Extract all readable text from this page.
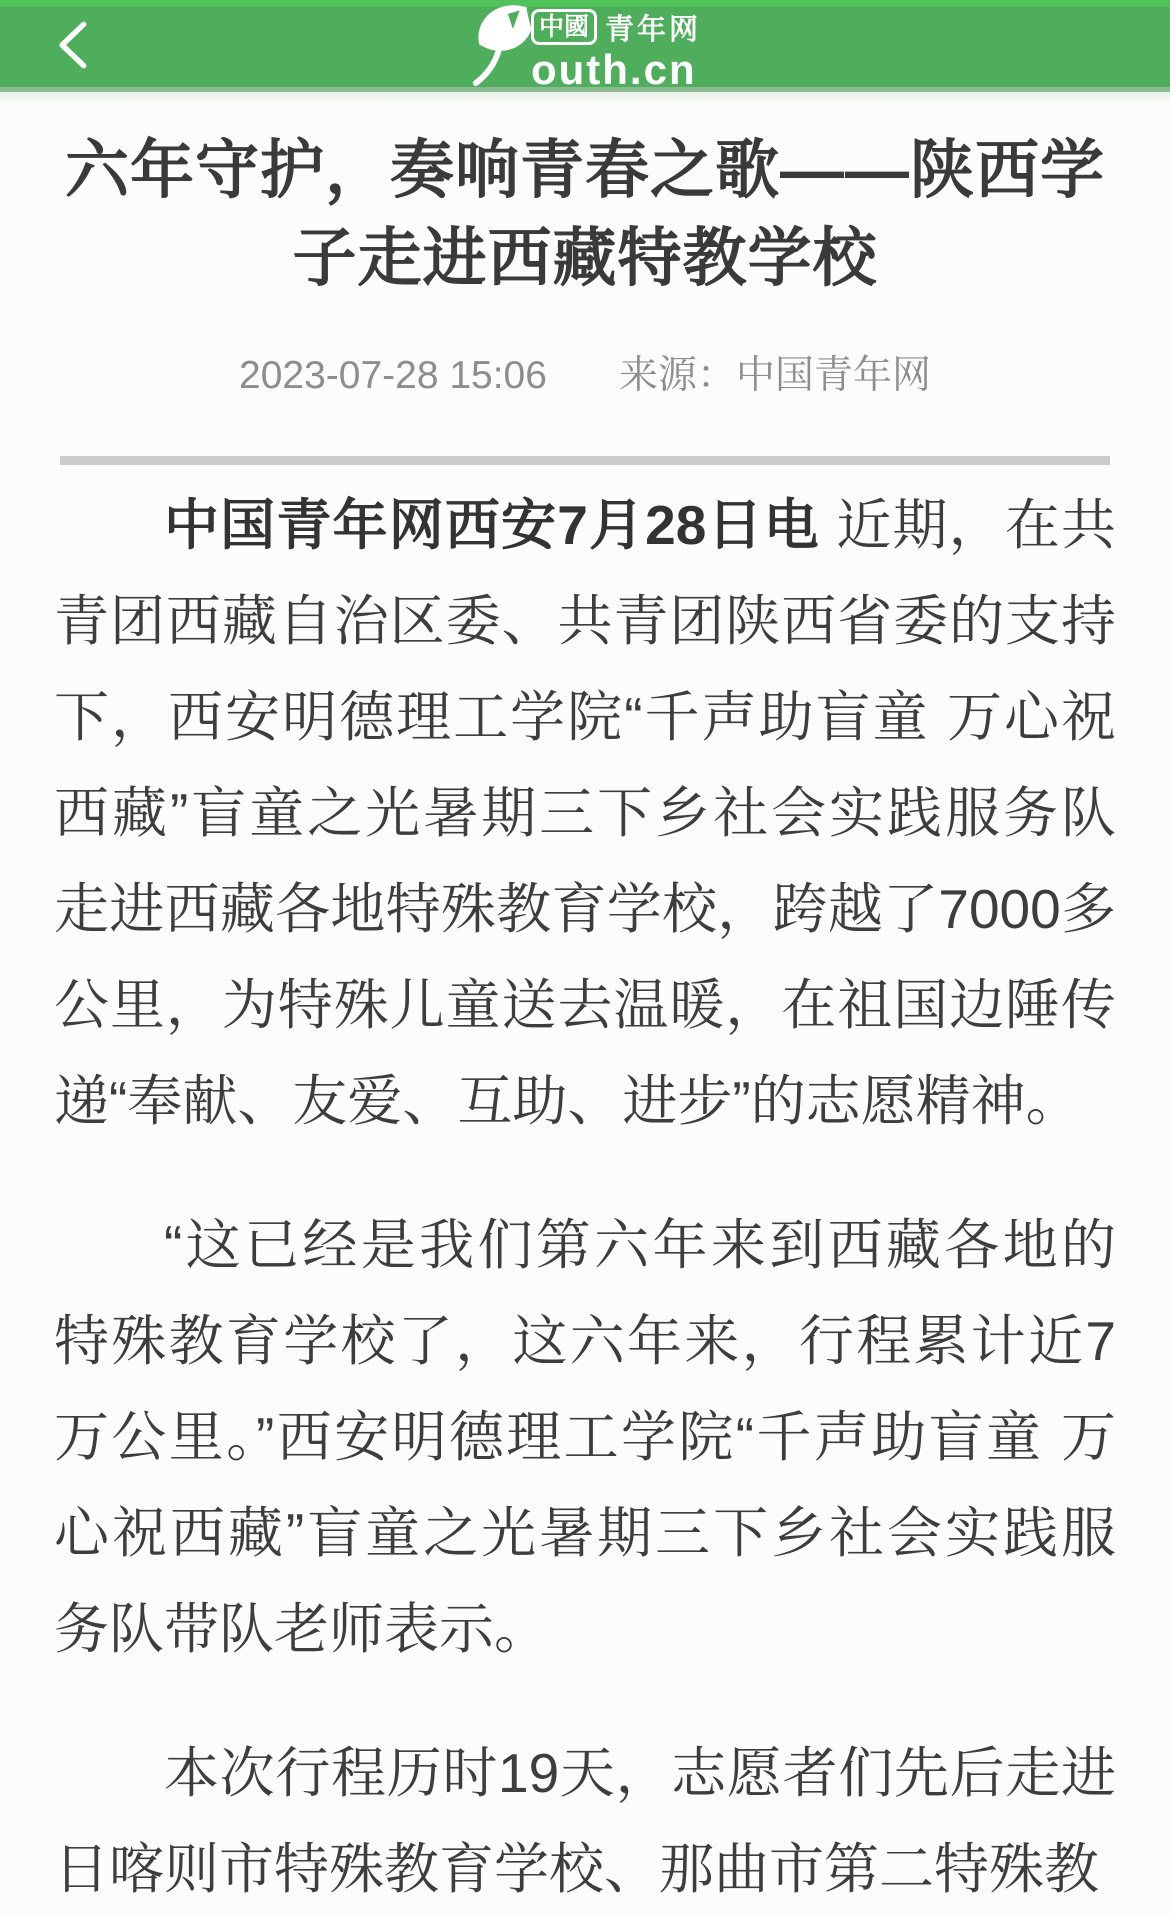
中國 青年网
outh.cn
六年守护，奏响青春之歌——陕西学子走进西藏特教学校
2023-07-28 15:06 来源：中国青年网

中国青年网西安7月28日电 近期，在共青团西藏自治区委、共青团陕西省委的支持下，西安明德理工学院“千声助盲童 万心祝西藏”盲童之光暑期三下乡社会实践服务队走进西藏各地特殊教育学校，跨越了7000多公里，为特殊儿童送去温暖，在祖国边陲传递“奉献、友爱、互助、进步”的志愿精神。

“这已经是我们第六年来到西藏各地的特殊教育学校了，这六年来，行程累计近7万公里。”西安明德理工学院“千声助盲童 万心祝西藏”盲童之光暑期三下乡社会实践服务队带队老师表示。

本次行程历时19天，志愿者们先后走进日喀则市特殊教育学校、那曲市第二特殊教
